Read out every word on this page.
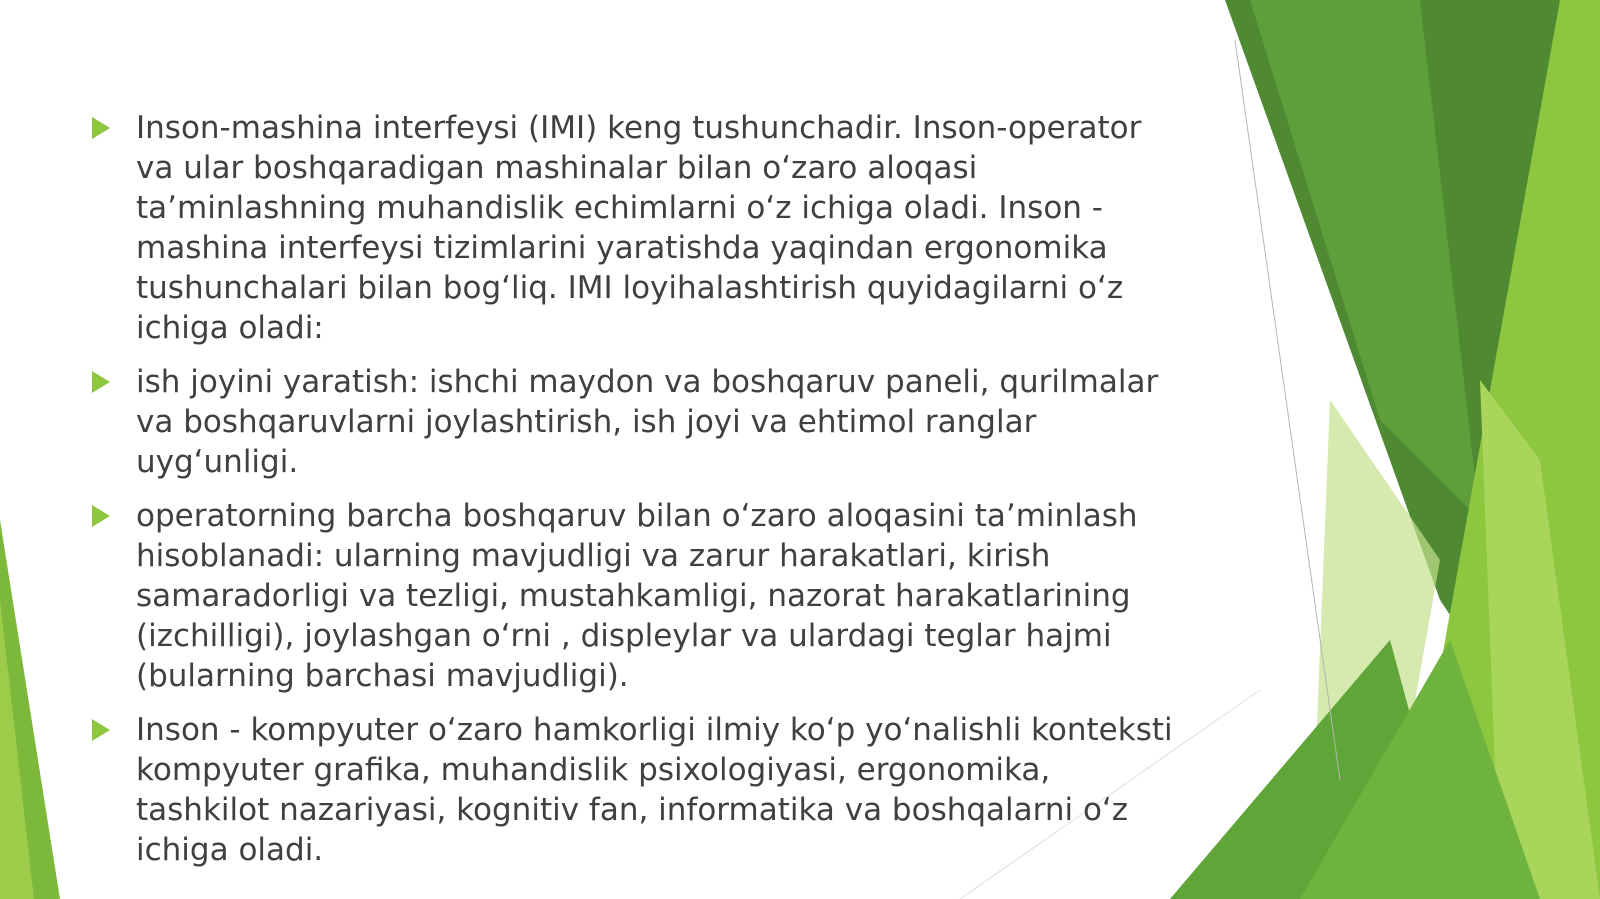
Inson-mashina interfeysi (IMI) keng tushunchadir. Inson-operator va ular boshqaradigan mashinalar bilan oʻzaro aloqasi taʼminlashning muhandislik echimlarni oʻz ichiga oladi. Inson - mashina interfeysi tizimlarini yaratishda yaqindan ergonomika tushunchalari bilan bogʻliq. IMI loyihalashtirish quyidagilarni oʻz ichiga oladi:
ish joyini yaratish: ishchi maydon va boshqaruv paneli, qurilmalar va boshqaruvlarni joylashtirish, ish joyi va ehtimol ranglar uygʻunligi.
operatorning barcha boshqaruv bilan oʻzaro aloqasini taʼminlash hisoblanadi: ularning mavjudligi va zarur harakatlari, kirish samaradorligi va tezligi, mustahkamligi, nazorat harakatlarining (izchilligi), joylashgan oʻrni , displeylar va ulardagi teglar hajmi (bularning barchasi mavjudligi).
Inson - kompyuter oʻzaro hamkorligi ilmiy koʻp yoʻnalishli konteksti kompyuter grafika, muhandislik psixologiyasi, ergonomika, tashkilot nazariyasi, kognitiv fan, informatika va boshqalarni oʻz ichiga oladi.
